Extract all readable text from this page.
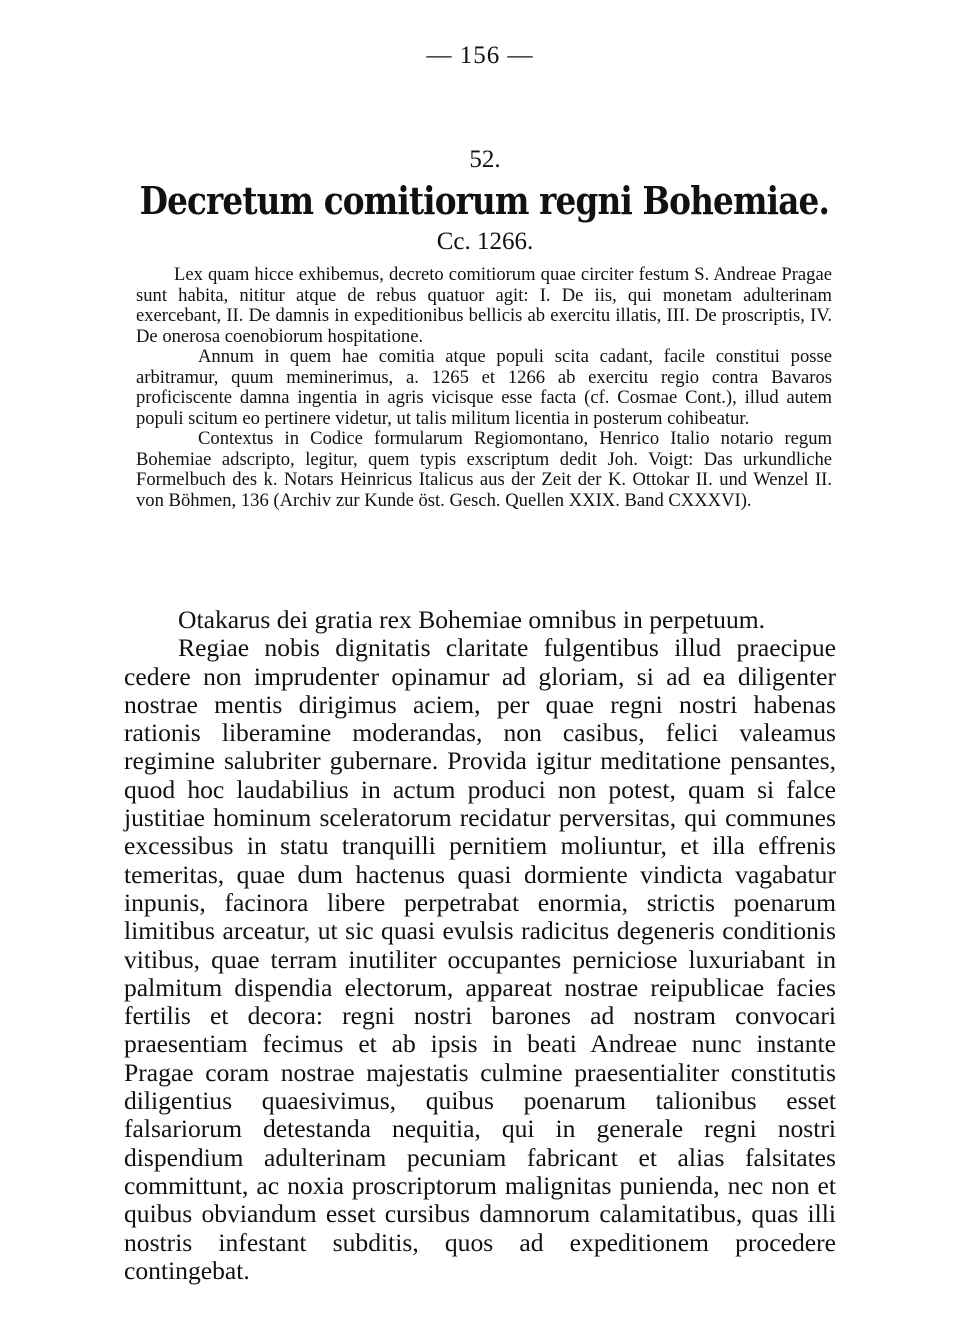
— 156 —
52.
Decretum comitiorum regni Bohemiae.
Cc. 1266.

Lex quam hicce exhibemus, decreto comitiorum quae circiter festum S. Andreae Pragae sunt habita, nititur atque de rebus quatuor agit: I. De iis, qui monetam adulterinam exercebant, II. De damnis in expeditionibus bellicis ab exercitu illatis, III. De proscriptis, IV. De onerosa coenobiorum hospitatione.

Annum in quem hae comitia atque populi scita cadant, facile constitui posse arbitramur, quum meminerimus, a. 1265 et 1266 ab exercitu regio contra Bavaros proficiscente damna ingentia in agris vicisque esse facta (cf. Cosmae Cont.), illud autem populi scitum eo pertinere videtur, ut talis militum licentia in posterum cohibeatur.

Contextus in Codice formularum Regiomontano, Henrico Italio notario regum Bohemiae adscripto, legitur, quem typis exscriptum dedit Joh. Voigt: Das urkundliche Formelbuch des k. Notars Heinricus Italicus aus der Zeit der K. Ottokar II. und Wenzel II. von Böhmen, 136 (Archiv zur Kunde öst. Gesch. Quellen XXIX. Band CXXXVI).

Otakarus dei gratia rex Bohemiae omnibus in perpetuum.

Regiae nobis dignitatis claritate fulgentibus illud praecipue cedere non imprudenter opinamur ad gloriam, si ad ea diligenter nostrae mentis dirigimus aciem, per quae regni nostri habenas rationis liberamine moderandas, non casibus, felici valeamus regimine salubriter gubernare. Provida igitur meditatione pensantes, quod hoc laudabilius in actum produci non potest, quam si falce justitiae hominum sceleratorum recidatur perversitas, qui communes excessibus in statu tranquilli pernitiem moliuntur, et illa effrenis temeritas, quae dum hactenus quasi dormiente vindicta vagabatur inpunis, facinora libere perpetrabat enormia, strictis poenarum limitibus arceatur, ut sic quasi evulsis radicitus degeneris conditionis vitibus, quae terram inutiliter occupantes perniciose luxuriabant in palmitum dispendia electorum, appareat nostrae reipublicae facies fertilis et decora: regni nostri barones ad nostram convocari praesentiam fecimus et ab ipsis in beati Andreae nunc instante Pragae coram nostrae majestatis culmine praesentialiter constitutis diligentius quaesivimus, quibus poenarum talionibus esset falsariorum detestanda nequitia, qui in generale regni nostri dispendium adulterinam pecuniam fabricant et alias falsitates committunt, ac noxia proscriptorum malignitas punienda, nec non et quibus obviandum esset cursibus damnorum calamitatibus, quas illi nostris infestant subditis, quos ad expeditionem procedere contingebat.
